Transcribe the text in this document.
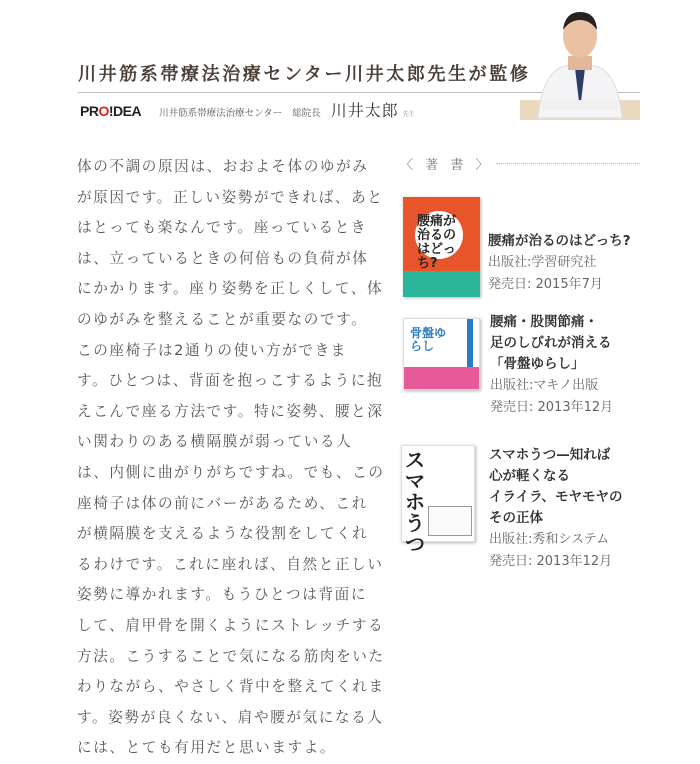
川井筋系帯療法治療センター川井太郎先生が監修
PRO!DEA 川井筋系帯療法治療センター 総院長 川井太郎 先生
体の不調の原因は、おおよそ体のゆがみ
が原因です。正しい姿勢ができれば、あと
はとっても楽なんです。座っているとき
は、立っているときの何倍もの負荷が体
にかかります。座り姿勢を正しくして、体
のゆがみを整えることが重要なのです。
この座椅子は2通りの使い方ができま
す。ひとつは、背面を抱っこするように抱
えこんで座る方法です。特に姿勢、腰と深
い関わりのある横隔膜が弱っている人
は、内側に曲がりがちですね。でも、この
座椅子は体の前にバーがあるため、これ
が横隔膜を支えるような役割をしてくれ
るわけです。これに座れば、自然と正しい
姿勢に導かれます。もうひとつは背面に
して、肩甲骨を開くようにストレッチする
方法。こうすることで気になる筋肉をいた
わりながら、やさしく背中を整えてくれま
す。姿勢が良くない、肩や腰が気になる人
には、とても有用だと思いますよ。
〈 著 書 〉
腰痛が治るのはどっち?
腰痛が治るのはどっち?
出版社:学習研究社
発売日: 2015年7月
骨盤ゆらし
腰痛・股関節痛・
足のしびれが消える
「骨盤ゆらし」
出版社:マキノ出版
発売日: 2013年12月
スマホうつ
スマホうつ—知れば
心が軽くなる
イライラ、モヤモヤの
その正体
出版社:秀和システム
発売日: 2013年12月
